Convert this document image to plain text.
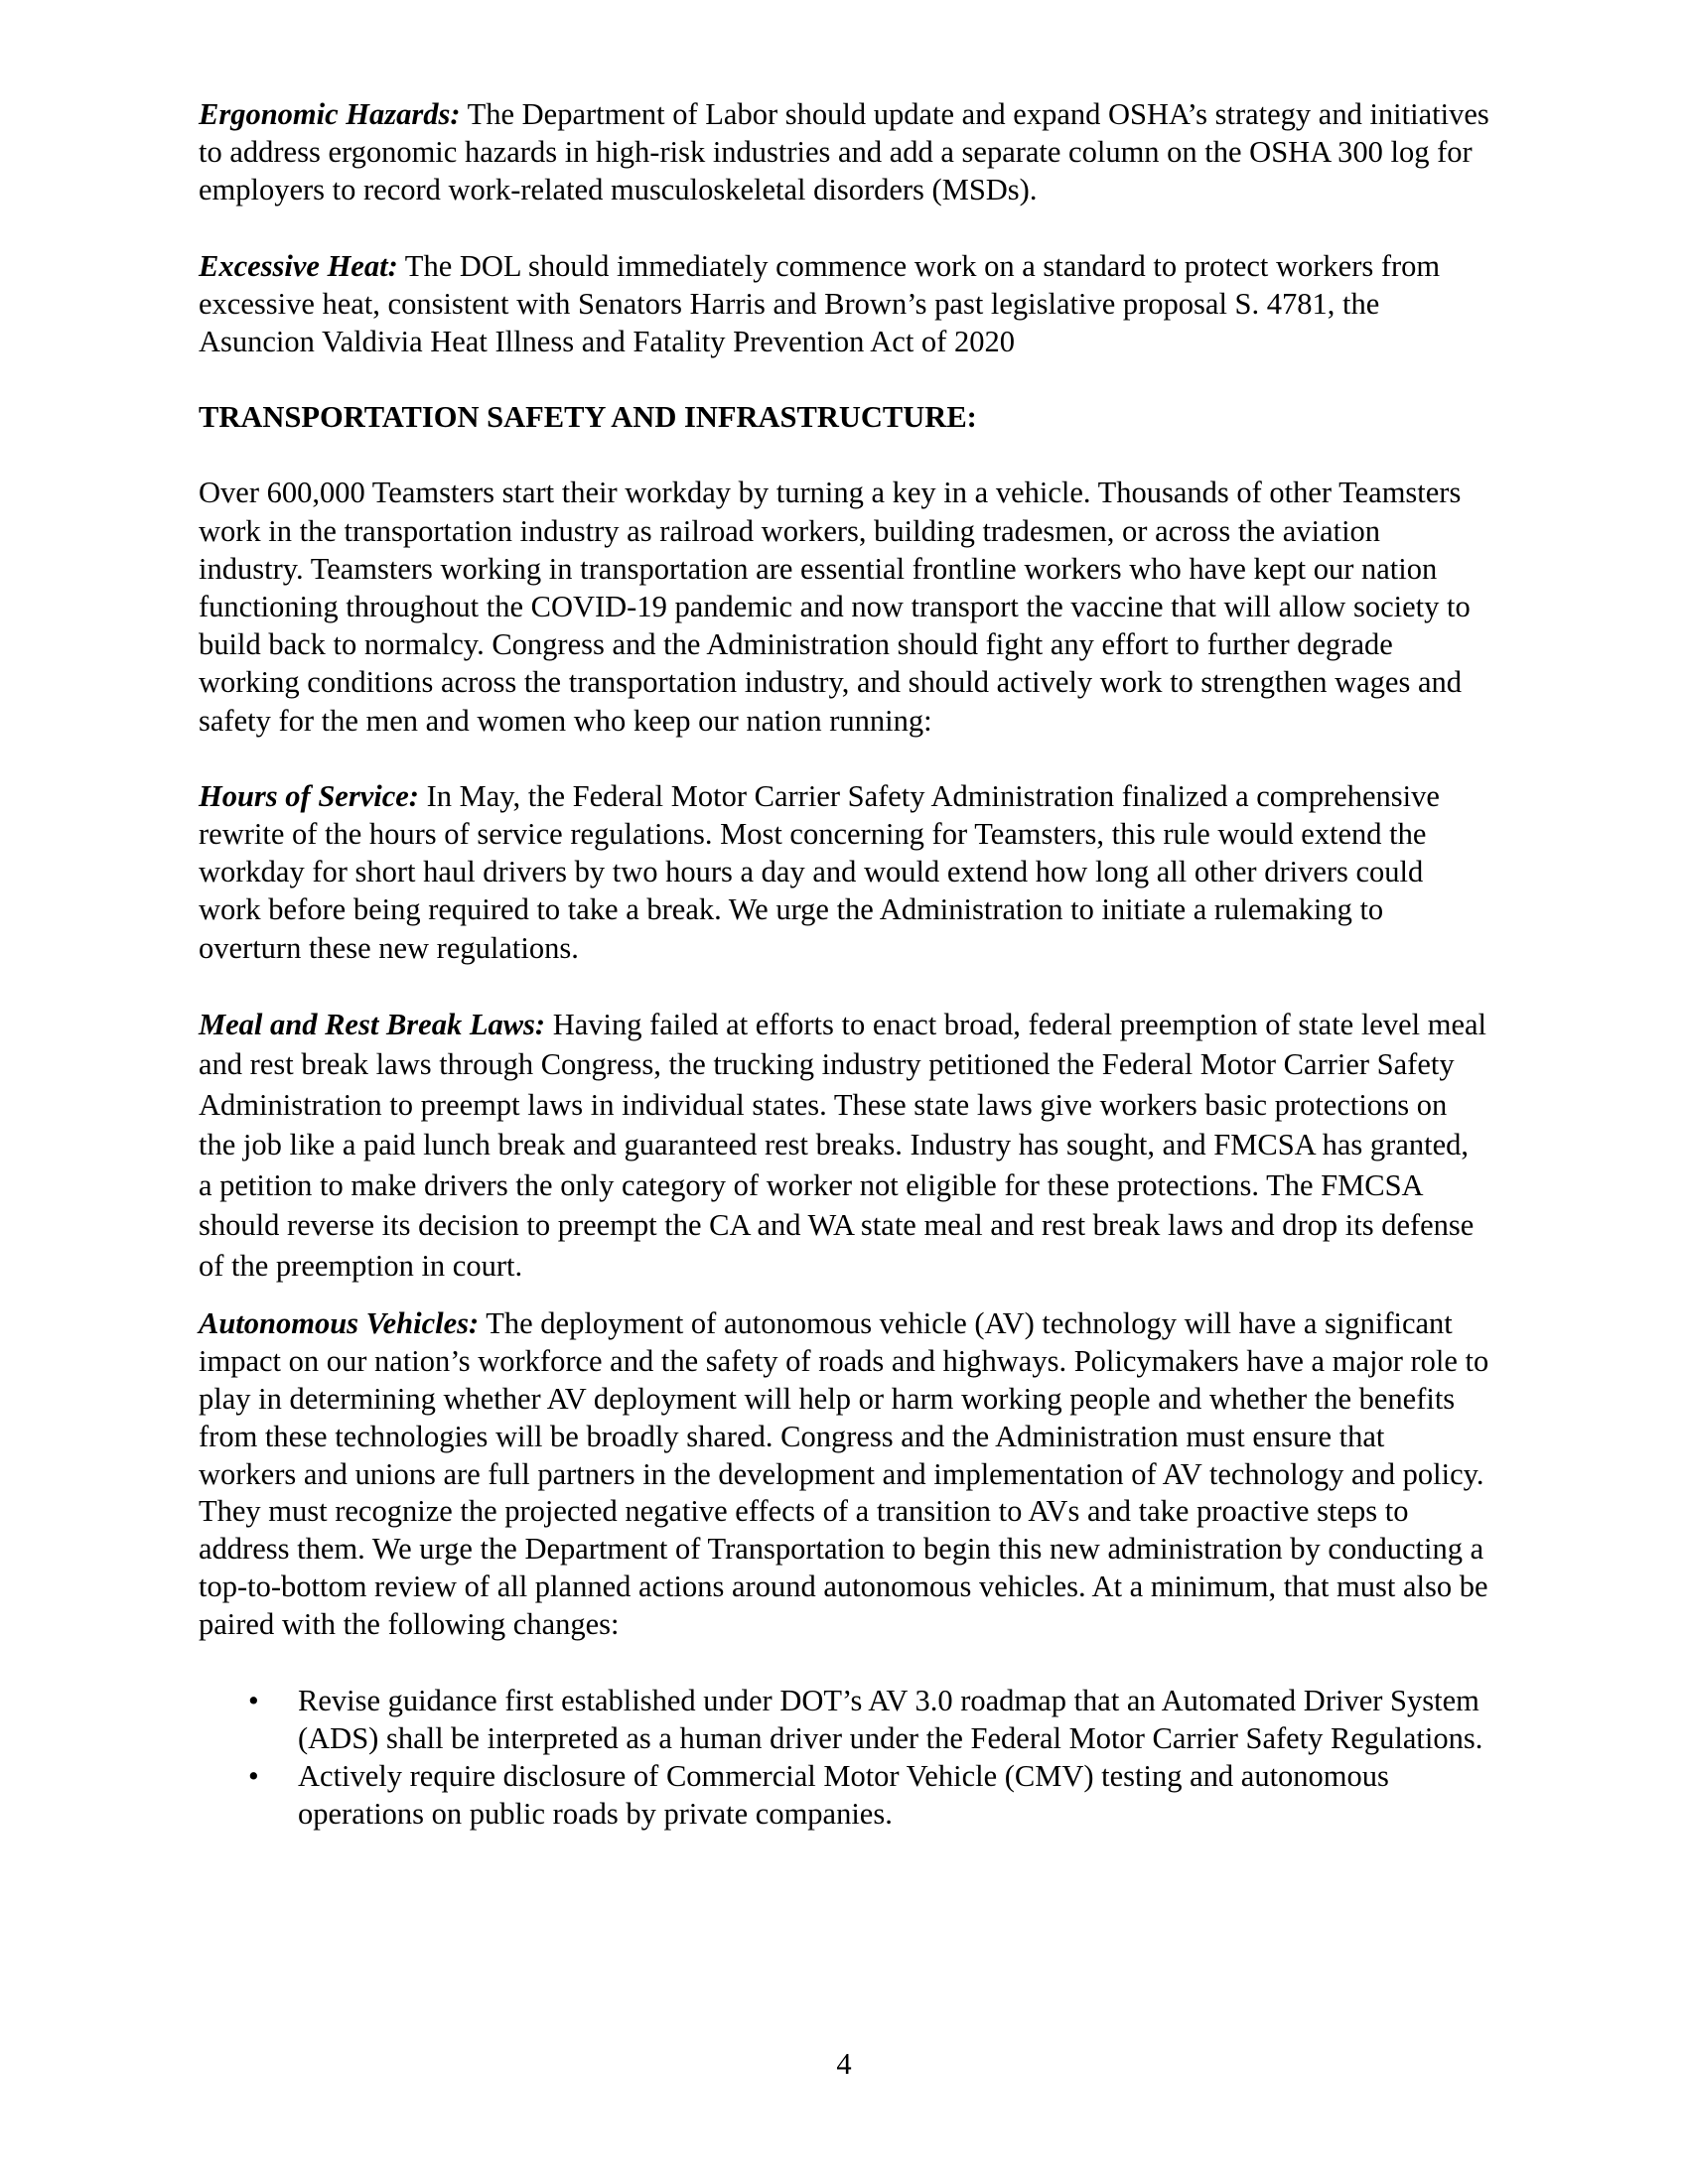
Ergonomic Hazards: The Department of Labor should update and expand OSHA’s strategy and initiatives to address ergonomic hazards in high-risk industries and add a separate column on the OSHA 300 log for employers to record work-related musculoskeletal disorders (MSDs).

Excessive Heat: The DOL should immediately commence work on a standard to protect workers from excessive heat, consistent with Senators Harris and Brown’s past legislative proposal S. 4781, the Asuncion Valdivia Heat Illness and Fatality Prevention Act of 2020

TRANSPORTATION SAFETY AND INFRASTRUCTURE:

Over 600,000 Teamsters start their workday by turning a key in a vehicle. Thousands of other Teamsters work in the transportation industry as railroad workers, building tradesmen, or across the aviation industry. Teamsters working in transportation are essential frontline workers who have kept our nation functioning throughout the COVID-19 pandemic and now transport the vaccine that will allow society to build back to normalcy. Congress and the Administration should fight any effort to further degrade working conditions across the transportation industry, and should actively work to strengthen wages and safety for the men and women who keep our nation running:

Hours of Service: In May, the Federal Motor Carrier Safety Administration finalized a comprehensive rewrite of the hours of service regulations. Most concerning for Teamsters, this rule would extend the workday for short haul drivers by two hours a day and would extend how long all other drivers could work before being required to take a break. We urge the Administration to initiate a rulemaking to overturn these new regulations.

Meal and Rest Break Laws: Having failed at efforts to enact broad, federal preemption of state level meal and rest break laws through Congress, the trucking industry petitioned the Federal Motor Carrier Safety Administration to preempt laws in individual states. These state laws give workers basic protections on the job like a paid lunch break and guaranteed rest breaks. Industry has sought, and FMCSA has granted, a petition to make drivers the only category of worker not eligible for these protections. The FMCSA should reverse its decision to preempt the CA and WA state meal and rest break laws and drop its defense of the preemption in court.

Autonomous Vehicles: The deployment of autonomous vehicle (AV) technology will have a significant impact on our nation’s workforce and the safety of roads and highways. Policymakers have a major role to play in determining whether AV deployment will help or harm working people and whether the benefits from these technologies will be broadly shared. Congress and the Administration must ensure that workers and unions are full partners in the development and implementation of AV technology and policy. They must recognize the projected negative effects of a transition to AVs and take proactive steps to address them. We urge the Department of Transportation to begin this new administration by conducting a top-to-bottom review of all planned actions around autonomous vehicles. At a minimum, that must also be paired with the following changes:

• Revise guidance first established under DOT’s AV 3.0 roadmap that an Automated Driver System (ADS) shall be interpreted as a human driver under the Federal Motor Carrier Safety Regulations.
• Actively require disclosure of Commercial Motor Vehicle (CMV) testing and autonomous operations on public roads by private companies.
4
